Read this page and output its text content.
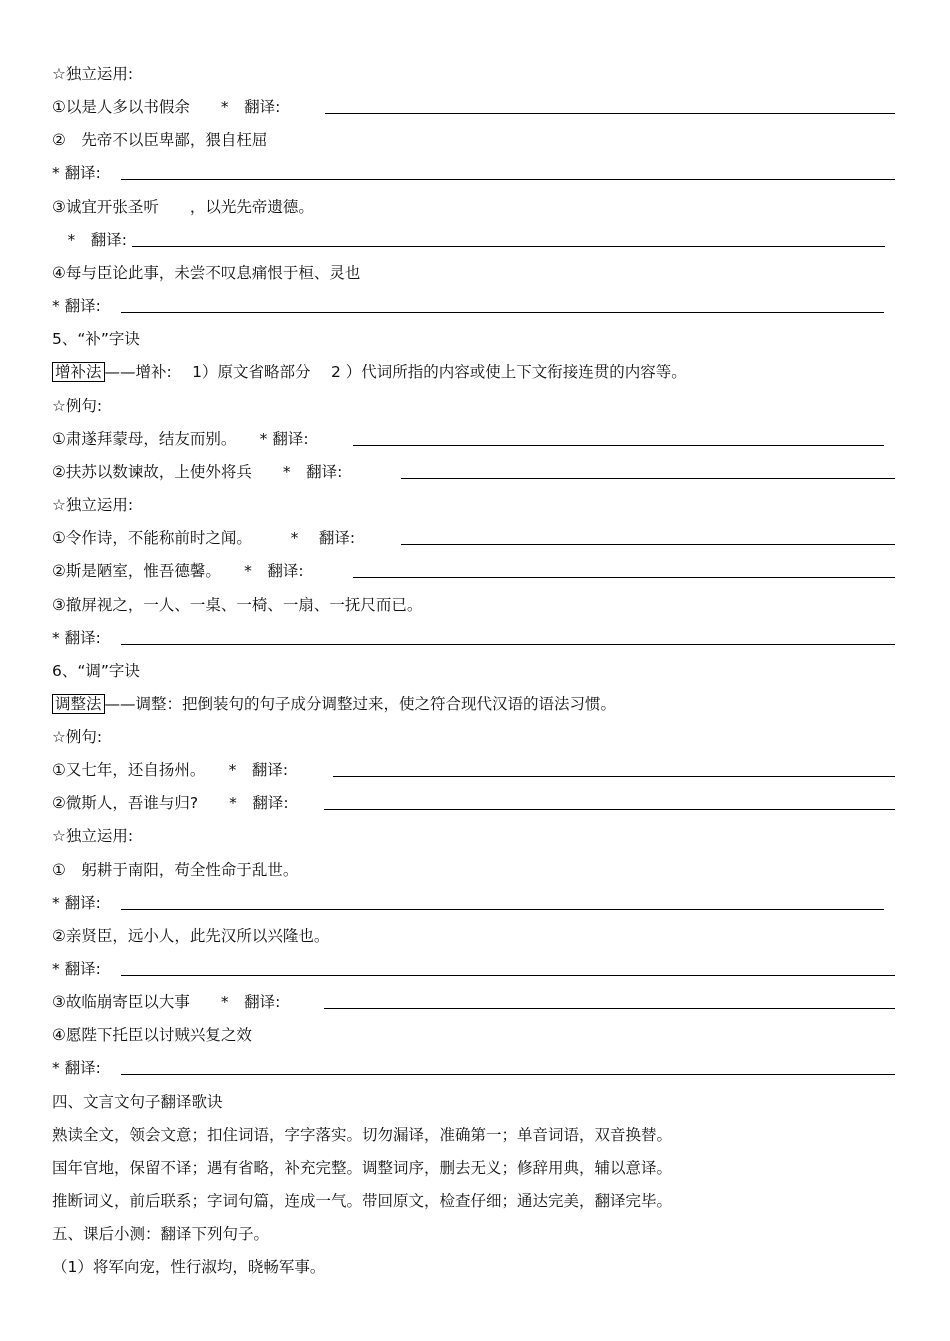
☆独立运用:
①以是人多以书假余　　*　翻译:
②　先帝不以臣卑鄙，猥自枉屈
* 翻译:
③诚宜开张圣听　　，以光先帝遗德。
　*　翻译:
④每与臣论此事，未尝不叹息痛恨于桓、灵也
* 翻译:
5、“补”字诀
增补法 ——增补:　 1）原文省略部分　 2 ）代词所指的内容或使上下文衔接连贯的内容等。
☆例句:
①肃遂拜蒙母，结友而别。　　* 翻译:
②扶苏以数谏故，上使外将兵　　*　翻译:
☆独立运用:
①令作诗，不能称前时之闻。　　　*　 翻译:
②斯是陋室，惟吾德馨。　　*　翻译:
③撤屏视之，一人、一桌、一椅、一扇、一抚尺而已。
* 翻译:
6、“调”字诀
调整法 ——调整：把倒装句的句子成分调整过来，使之符合现代汉语的语法习惯。
☆例句:
①又七年，还自扬州。　　*　翻译:
②微斯人，吾谁与归?　　*　翻译:
☆独立运用:
①　躬耕于南阳，苟全性命于乱世。
* 翻译:
②亲贤臣，远小人，此先汉所以兴隆也。
* 翻译:
③故临崩寄臣以大事　　*　翻译:
④愿陛下托臣以讨贼兴复之效
* 翻译:
四、文言文句子翻译歌诀
熟读全文，领会文意；扣住词语，字字落实。切勿漏译，准确第一；单音词语，双音换替。
国年官地，保留不译；遇有省略，补充完整。调整词序，删去无义；修辞用典，辅以意译。
推断词义，前后联系；字词句篇，连成一气。带回原文，检查仔细；通达完美，翻译完毕。
五、课后小测：翻译下列句子。
（1）将军向宠，性行淑均，晓畅军事。
